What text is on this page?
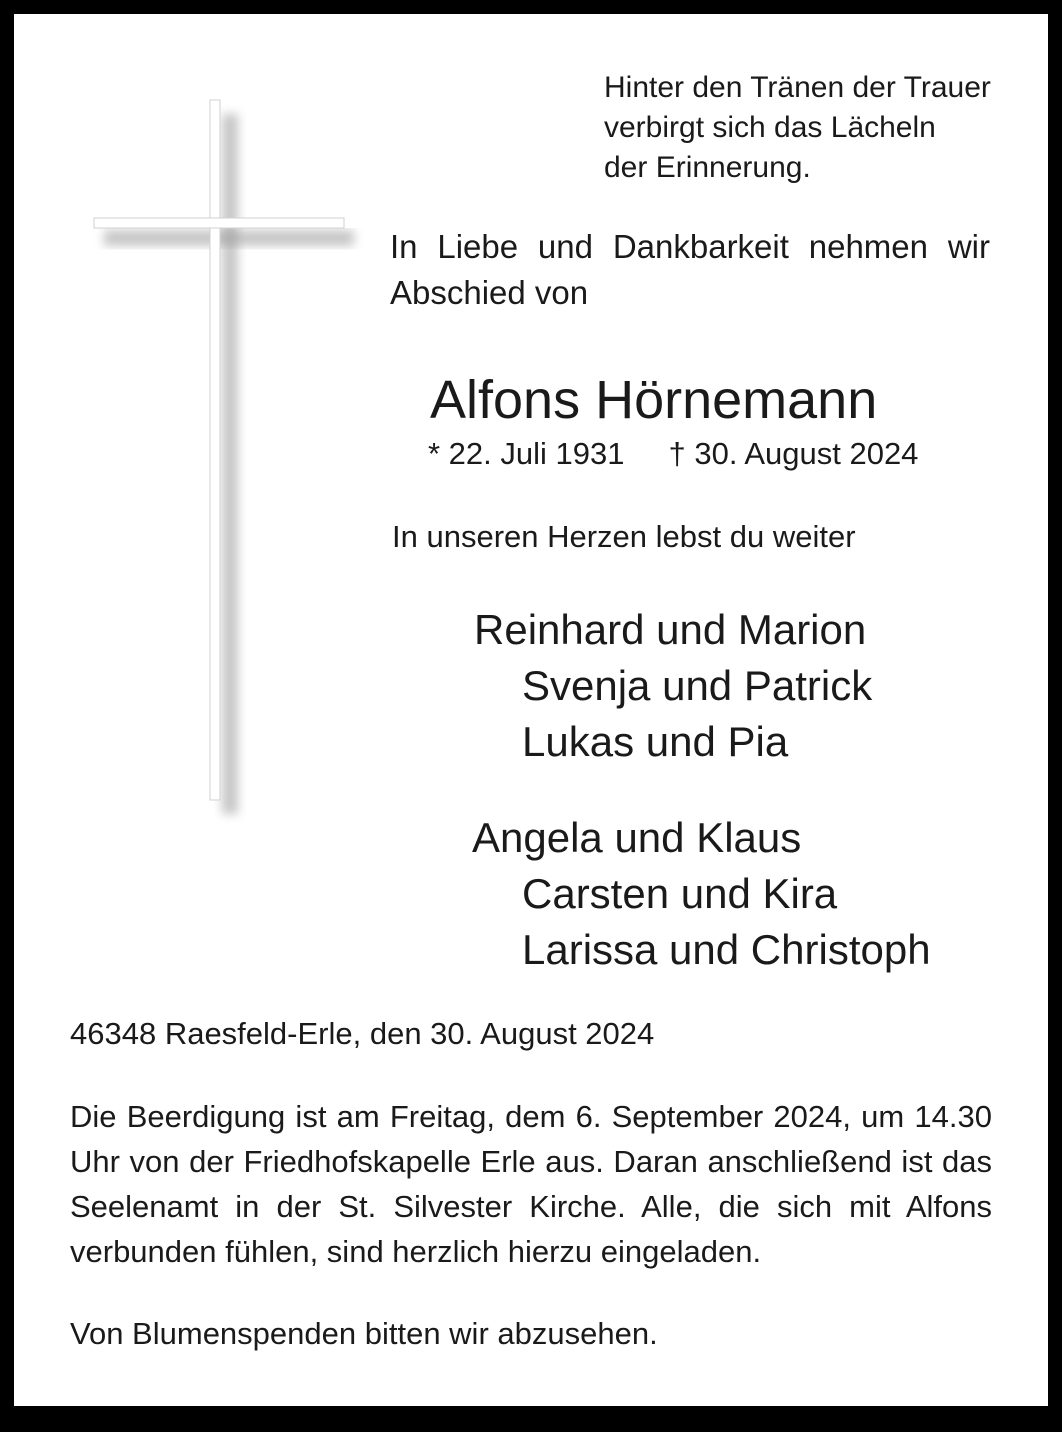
Hinter den Tränen der Trauer
verbirgt sich das Lächeln
der Erinnerung.
In Liebe und Dankbarkeit nehmen wir Abschied von
Alfons Hörnemann
* 22. Juli 1931 † 30. August 2024
In unseren Herzen lebst du weiter
Reinhard und Marion
Svenja und Patrick
Lukas und Pia
Angela und Klaus
Carsten und Kira
Larissa und Christoph
46348 Raesfeld-Erle, den 30. August 2024
Die Beerdigung ist am Freitag, dem 6. September 2024, um 14.30 Uhr von der Friedhofskapelle Erle aus. Daran anschließend ist das Seelenamt in der St. Silvester Kirche. Alle, die sich mit Alfons verbunden fühlen, sind herzlich hierzu eingeladen.
Von Blumenspenden bitten wir abzusehen.
Erschienen am 04.09.2024 © Verlag J. Mergelsberg GmbH
